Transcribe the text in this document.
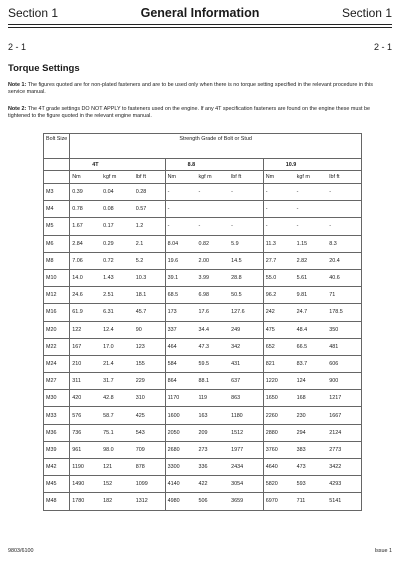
Section 1	General Information	Section 1
2 - 1	2 - 1
Torque Settings
Note 1: The figures quoted are for non-plated fasteners and are to be used only when there is no torque setting specified in the relevant procedure in this service manual.
Note 2: The 4T grade settings DO NOT APPLY to fasteners used on the engine. If any 4T specification fasteners are found on the engine these must be tightened to the figure quoted in the relevant engine manual.
Bolt Size	Strength Grade of Bolt or Stud								
	4T			8.8			10.9		
	Nm	kgf m	lbf ft	Nm	kgf m	lbf ft	Nm	kgf m	lbf ft
M3	0.39	0.04	0.28	-	-	-	-	-	-
M4	0.78	0.08	0.57	-			-	-	
M5	1.67	0.17	1.2	-	-	-	-	-	-
M6	2.84	0.29	2.1	8.04	0.82	5.9	11.3	1.15	8.3
M8	7.06	0.72	5.2	19.6	2.00	14.5	27.7	2.82	20.4
M10	14.0	1.43	10.3	39.1	3.99	28.8	55.0	5.61	40.6
M12	24.6	2.51	18.1	68.5	6.98	50.5	96.2	9.81	71
M16	61.9	6.31	45.7	173	17.6	127.6	242	24.7	178.5
M20	122	12.4	90	337	34.4	249	475	48.4	350
M22	167	17.0	123	464	47.3	342	652	66.5	481
M24	210	21.4	155	584	59.5	431	821	83.7	606
M27	311	31.7	229	864	88.1	637	1220	124	900
M30	420	42.8	310	1170	119	863	1650	168	1217
M33	576	58.7	425	1600	163	1180	2260	230	1667
M36	736	75.1	543	2050	209	1512	2880	294	2124
M39	961	98.0	709	2680	273	1977	3760	383	2773
M42	1190	121	878	3300	336	2434	4640	473	3422
M45	1490	152	1099	4140	422	3054	5820	593	4293
M48	1780	182	1312	4980	506	3659	6970	711	5141
9803/6100	Issue 1
